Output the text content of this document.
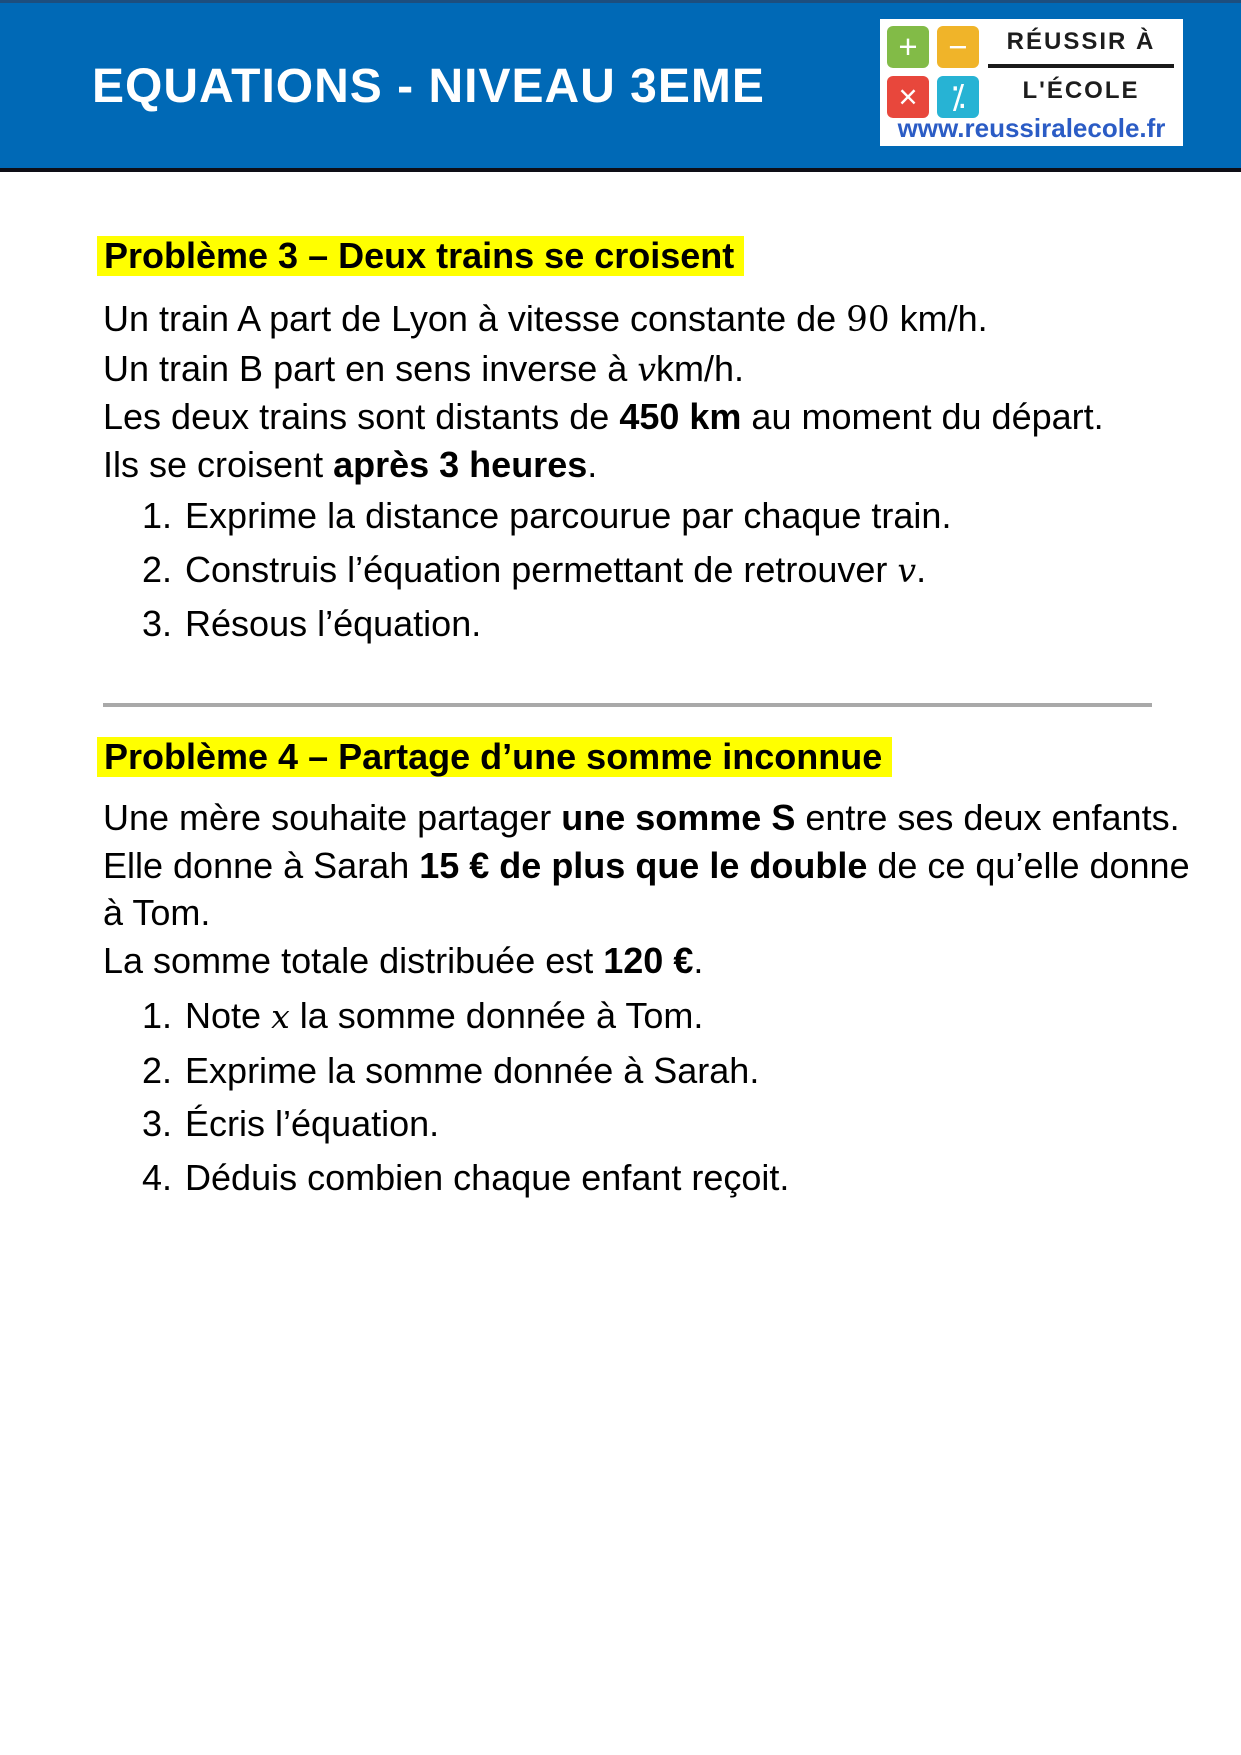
EQUATIONS - NIVEAU 3EME
+ −
× ⁒
RÉUSSIR À
L'ÉCOLE
www.reussiralecole.fr
Problème 3 – Deux trains se croisent
Un train A part de Lyon à vitesse constante de 90 km/h.
Un train B part en sens inverse à vkm/h.
Les deux trains sont distants de 450 km au moment du départ.
Ils se croisent après 3 heures.
1. Exprime la distance parcourue par chaque train.
2. Construis l’équation permettant de retrouver v.
3. Résous l’équation.
Problème 4 – Partage d’une somme inconnue
Une mère souhaite partager une somme S entre ses deux enfants.
Elle donne à Sarah 15 € de plus que le double de ce qu’elle donne
à Tom.
La somme totale distribuée est 120 €.
1. Note x la somme donnée à Tom.
2. Exprime la somme donnée à Sarah.
3. Écris l’équation.
4. Déduis combien chaque enfant reçoit.
